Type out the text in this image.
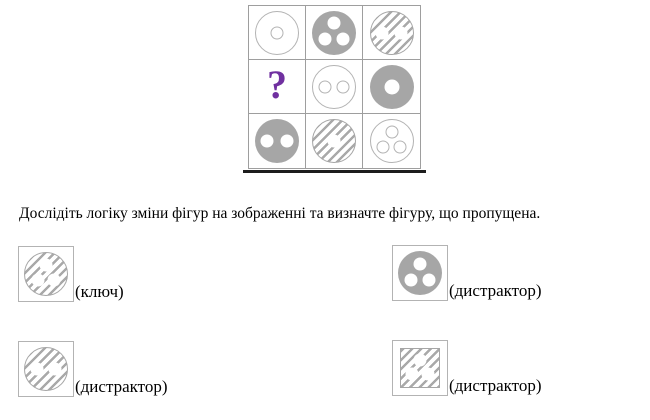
?
Дослідіть логіку зміни фігур на зображенні та визначте фігуру, що пропущена.
(ключ)	(дистрактор)
(дистрактор)	(дистрактор)
